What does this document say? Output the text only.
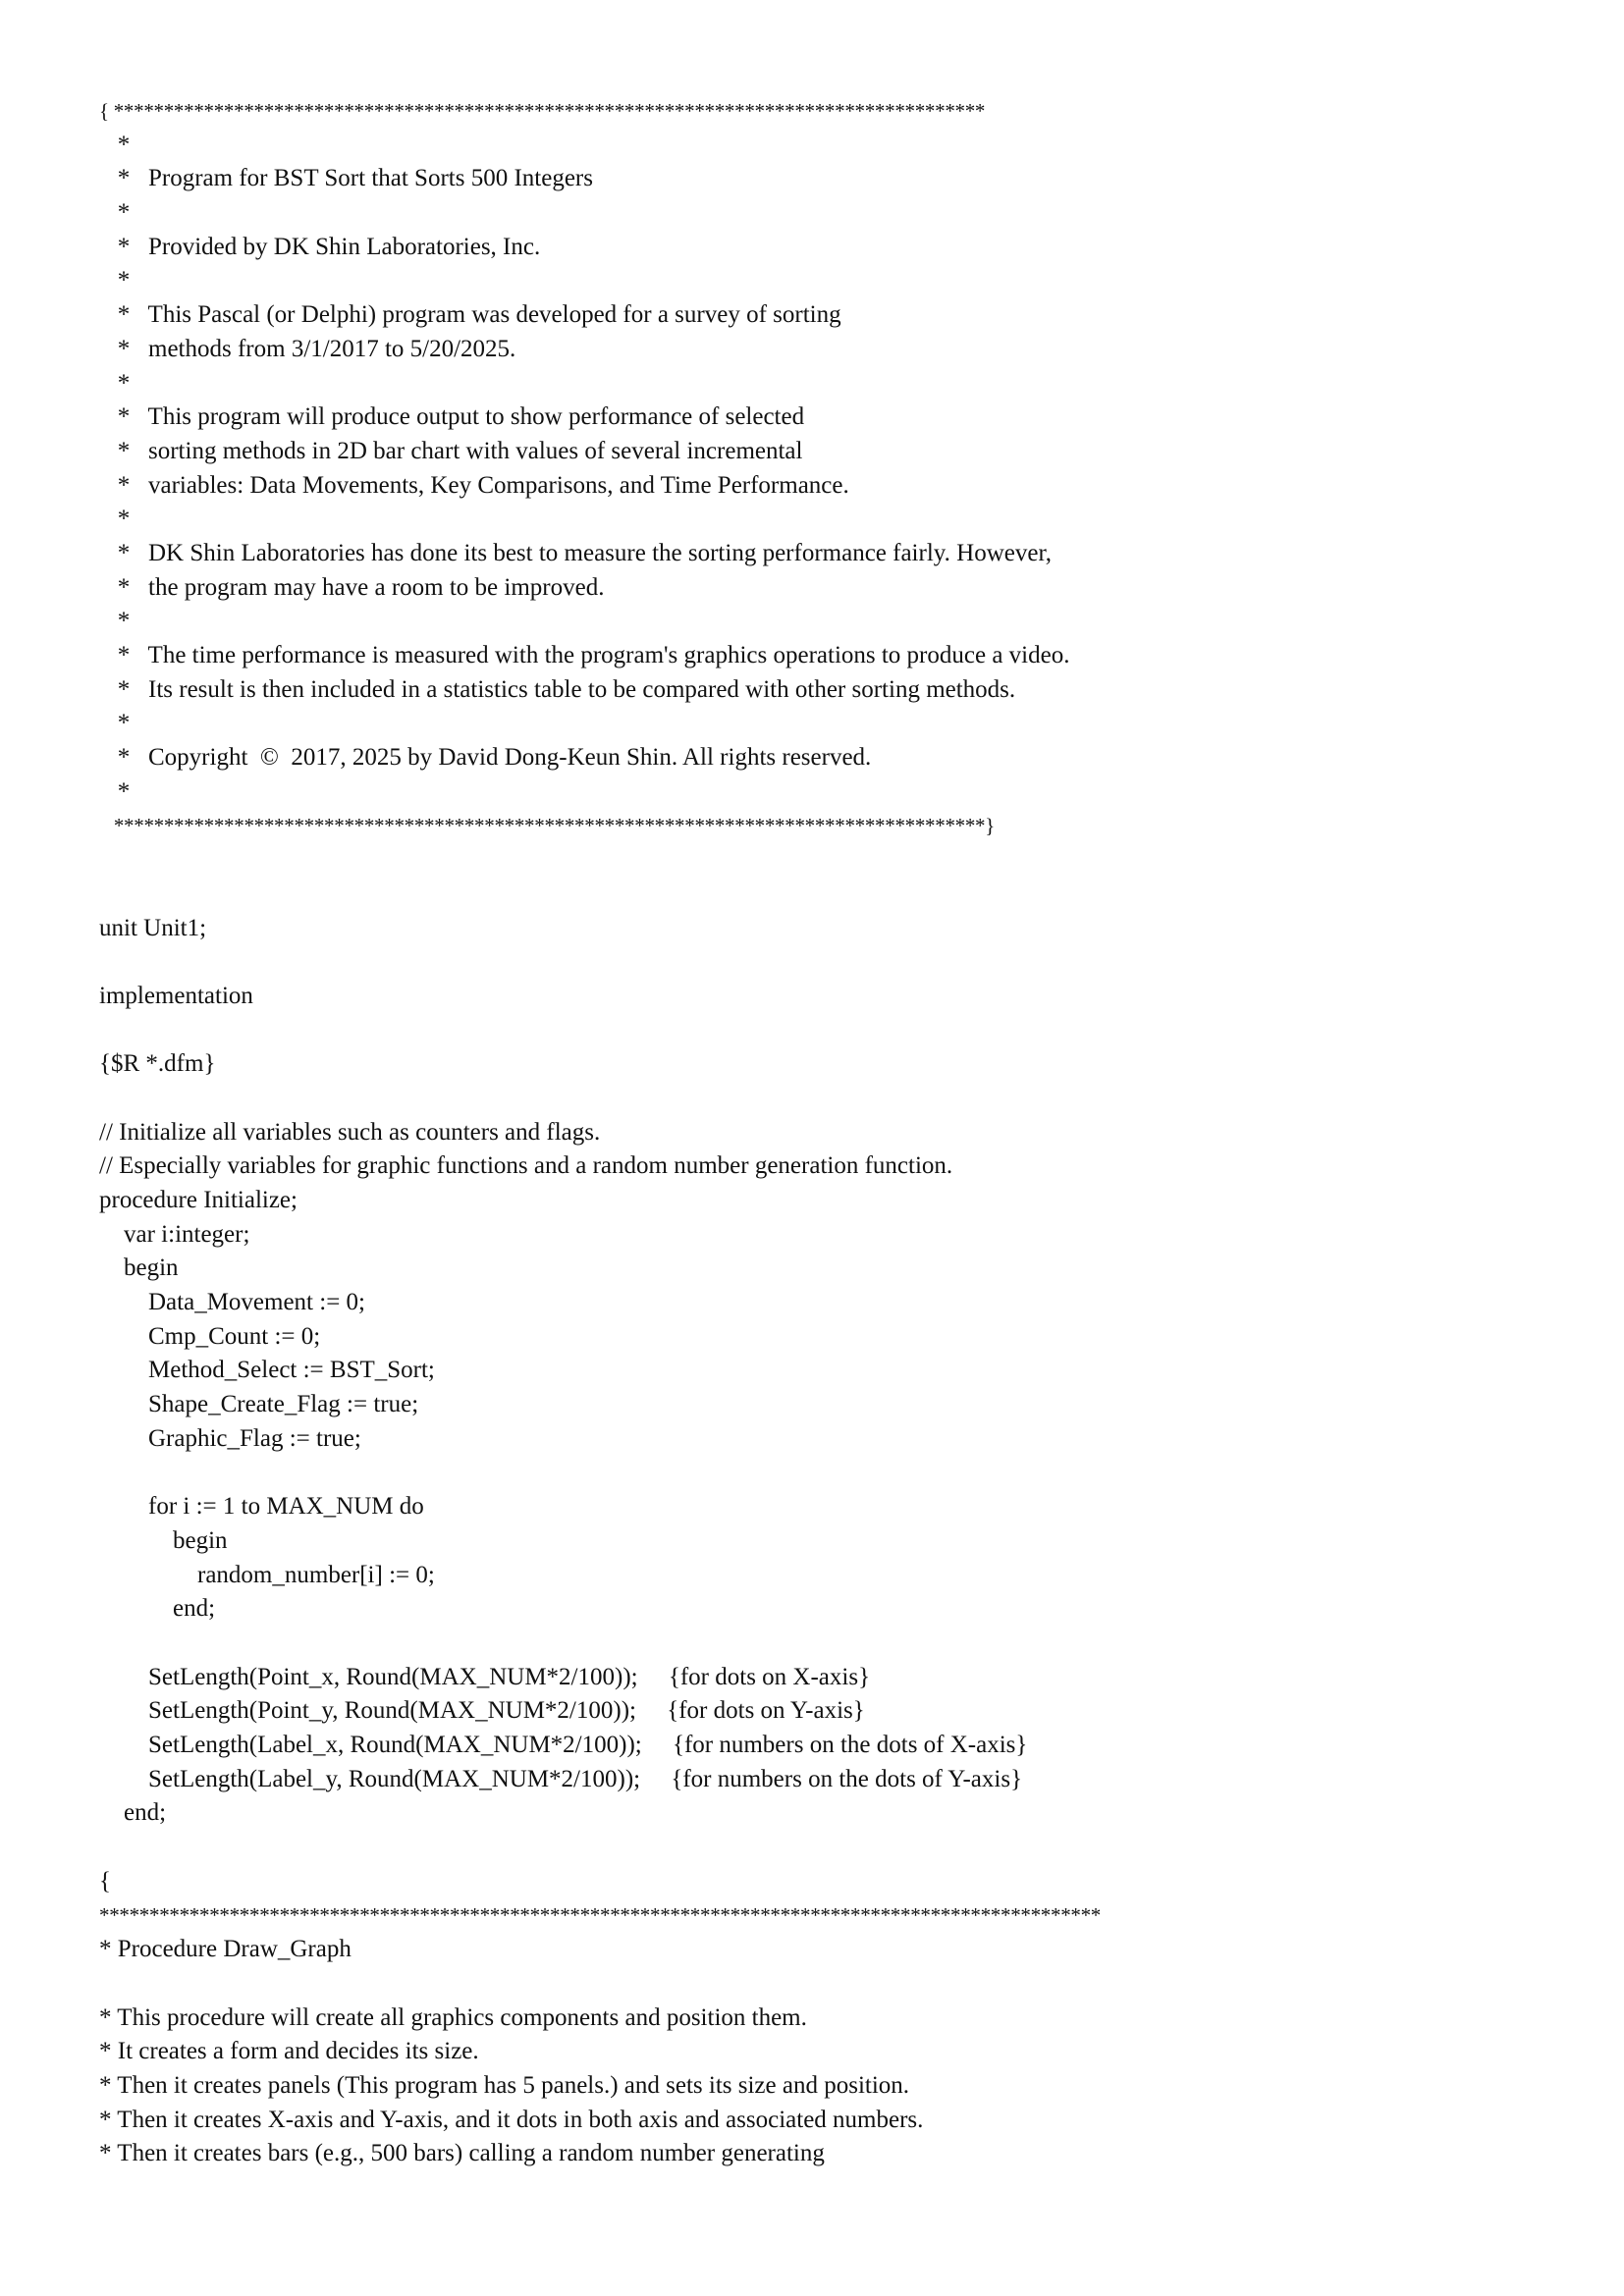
{ ***************************************************************************************
*
*   Program for BST Sort that Sorts 500 Integers
*
*   Provided by DK Shin Laboratories, Inc.
*
*   This Pascal (or Delphi) program was developed for a survey of sorting
*   methods from 3/1/2017 to 5/20/2025.
*
*   This program will produce output to show performance of selected
*   sorting methods in 2D bar chart with values of several incremental
*   variables: Data Movements, Key Comparisons, and Time Performance.
*
*   DK Shin Laboratories has done its best to measure the sorting performance fairly. However,
*   the program may have a room to be improved.
*
*   The time performance is measured with the program's graphics operations to produce a video.
*   Its result is then included in a statistics table to be compared with other sorting methods.
*
*   Copyright  ©  2017, 2025 by David Dong-Keun Shin. All rights reserved.
*
***************************************************************************************}

unit Unit1;

implementation

{$R *.dfm}

// Initialize all variables such as counters and flags.
// Especially variables for graphic functions and a random number generation function.
procedure Initialize;
var i:integer;
begin
Data_Movement := 0;
Cmp_Count := 0;
Method_Select := BST_Sort;
Shape_Create_Flag := true;
Graphic_Flag := true;

for i := 1 to MAX_NUM do
begin
random_number[i] := 0;
end;

SetLength(Point_x, Round(MAX_NUM*2/100));     {for dots on X-axis}
SetLength(Point_y, Round(MAX_NUM*2/100));     {for dots on Y-axis}
SetLength(Label_x, Round(MAX_NUM*2/100));     {for numbers on the dots of X-axis}
SetLength(Label_y, Round(MAX_NUM*2/100));     {for numbers on the dots of Y-axis}
end;

{
****************************************************************************************************
* Procedure Draw_Graph

* This procedure will create all graphics components and position them.
* It creates a form and decides its size.
* Then it creates panels (This program has 5 panels.) and sets its size and position.
* Then it creates X-axis and Y-axis, and it dots in both axis and associated numbers.
* Then it creates bars (e.g., 500 bars) calling a random number generating
